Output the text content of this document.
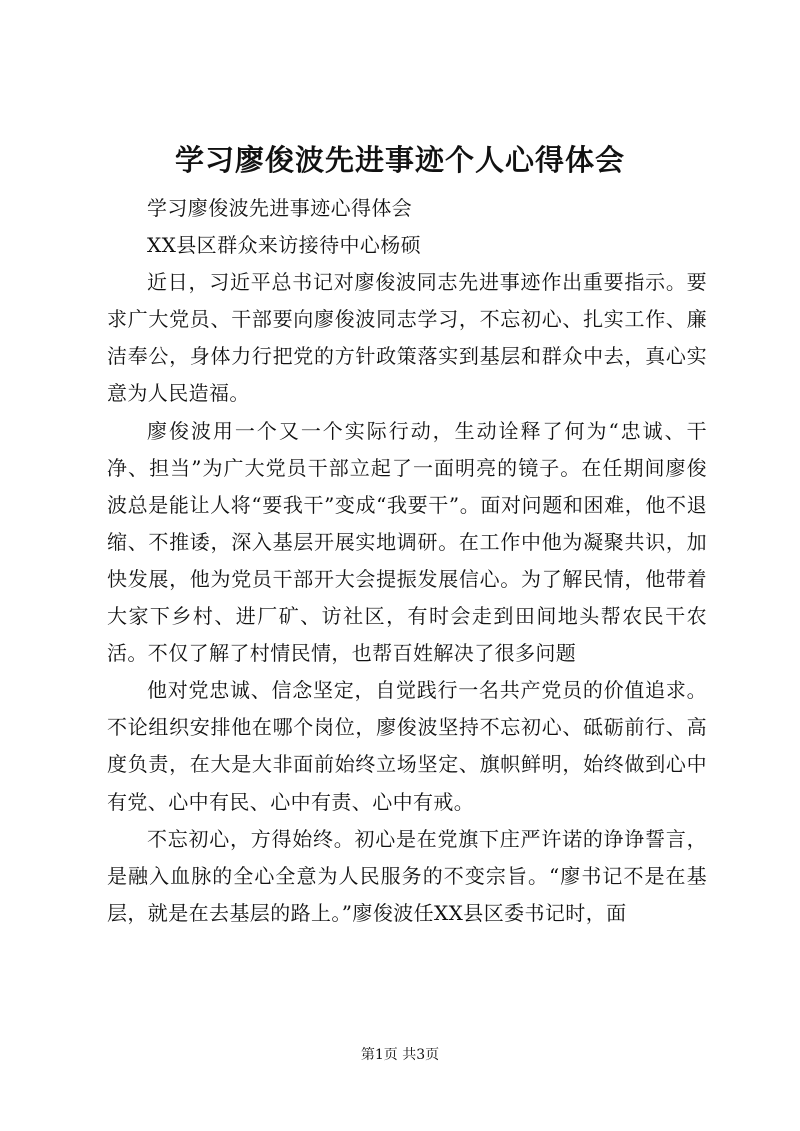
学习廖俊波先进事迹个人心得体会

学习廖俊波先进事迹心得体会

XX县区群众来访接待中心杨硕

近日，习近平总书记对廖俊波同志先进事迹作出重要指示。要求广大党员、干部要向廖俊波同志学习，不忘初心、扎实工作、廉洁奉公，身体力行把党的方针政策落实到基层和群众中去，真心实意为人民造福。

廖俊波用一个又一个实际行动，生动诠释了何为“忠诚、干净、担当”为广大党员干部立起了一面明亮的镜子。在任期间廖俊波总是能让人将“要我干”变成“我要干”。面对问题和困难，他不退缩、不推诿，深入基层开展实地调研。在工作中他为凝聚共识，加快发展，他为党员干部开大会提振发展信心。为了解民情，他带着大家下乡村、进厂矿、访社区，有时会走到田间地头帮农民干农活。不仅了解了村情民情，也帮百姓解决了很多问题

他对党忠诚、信念坚定，自觉践行一名共产党员的价值追求。不论组织安排他在哪个岗位，廖俊波坚持不忘初心、砥砺前行、高度负责，在大是大非面前始终立场坚定、旗帜鲜明，始终做到心中有党、心中有民、心中有责、心中有戒。

不忘初心，方得始终。初心是在党旗下庄严许诺的诤诤誓言，是融入血脉的全心全意为人民服务的不变宗旨。“廖书记不是在基层，就是在去基层的路上。”廖俊波任XX县区委书记时，面

第1页 共3页
